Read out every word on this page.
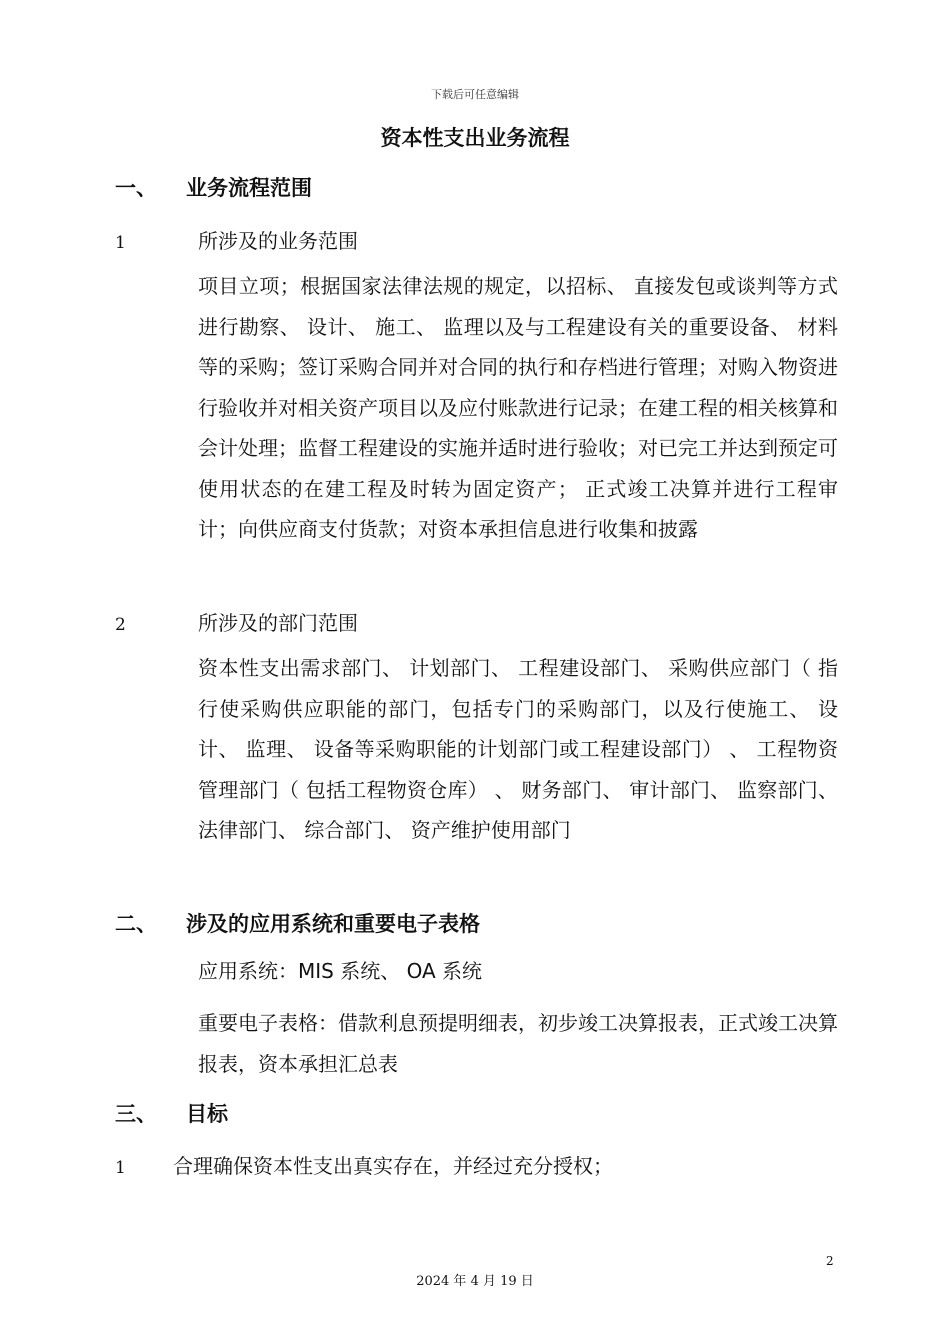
下载后可任意编辑
资本性支出业务流程
一、 业务流程范围
1	所涉及的业务范围
项目立项；根据国家法律法规的规定，以招标、 直接发包或谈判等方式进行勘察、 设计、 施工、 监理以及与工程建设有关的重要设备、 材料等的采购；签订采购合同并对合同的执行和存档进行管理；对购入物资进行验收并对相关资产项目以及应付账款进行记录；在建工程的相关核算和会计处理；监督工程建设的实施并适时进行验收；对已完工并达到预定可使用状态的在建工程及时转为固定资产； 正式竣工决算并进行工程审计；向供应商支付货款；对资本承担信息进行收集和披露
2	所涉及的部门范围
资本性支出需求部门、 计划部门、 工程建设部门、 采购供应部门（ 指行使采购供应职能的部门，包括专门的采购部门，以及行使施工、 设计、 监理、 设备等采购职能的计划部门或工程建设部门） 、 工程物资管理部门（ 包括工程物资仓库） 、 财务部门、 审计部门、 监察部门、 法律部门、 综合部门、 资产维护使用部门
二、 涉及的应用系统和重要电子表格
应用系统：MIS 系统、 OA 系统
重要电子表格：借款利息预提明细表，初步竣工决算报表，正式竣工决算报表，资本承担汇总表
三、 目标
1 合理确保资本性支出真实存在，并经过充分授权；
2
2024 年 4 月 19 日
